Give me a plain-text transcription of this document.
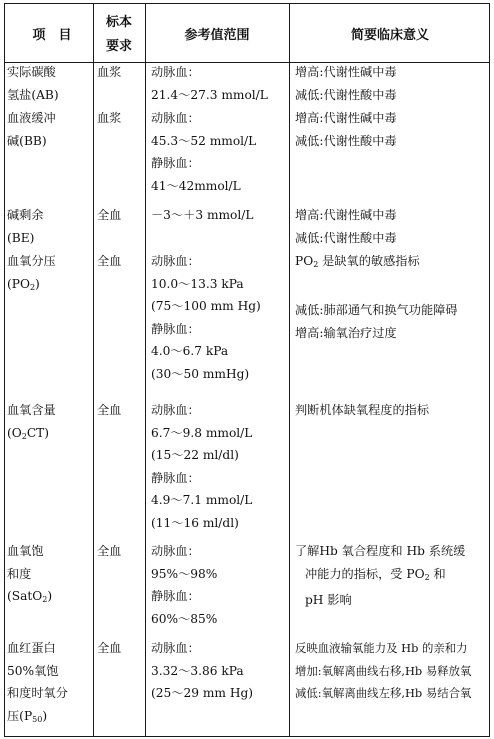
项　目
标本
要求
参考值范围	简要临床意义
实际碳酸
氢盐(AB)
血浆 动脉血：
21.4～27.3 mmol/L
增高:代谢性碱中毒
减低:代谢性酸中毒
血液缓冲
碱(BB)
血浆 动脉血：
45.3～52 mmol/L
静脉血：
41～42mmol/L
增高:代谢性碱中毒
减低:代谢性酸中毒
碱剩余
(BE)
全血 －3～＋3 mmol/L	增高:代谢性碱中毒
减低:代谢性酸中毒
血氧分压
$(PO_2)$
全血 动脉血：
10.0～13.3 kPa
(75～100 mm Hg)
静脉血：
4.0～6.7 kPa
(30～50 mmHg)
$PO_2$ 是缺氧的敏感指标
减低:肺部通气和换气功能障碍
增高:输氧治疗过度
血氧含量
$(O_2CT)$
全血 动脉血：
6.7～9.8 mmol/L
(15～22 ml/dl)
静脉血：
4.9～7.1 mmol/L
(11～16 ml/dl)
判断机体缺氧程度的指标
血氧饱
和度
(SatO$_2$)
全血 动脉血：
95%～98%
静脉血：
60%～85%
了解Hb 氧合程度和 Hb 系统缓
冲能力的指标，受 $PO_2$ 和
pH 影响
血红蛋白
50%氧饱
和度时氧分
压$(P_{50})$
全血 动脉血：
3.32～3.86 kPa
(25～29 mm Hg)
反映血液输氧能力及 Hb 的亲和力
增加:氧解离曲线右移,Hb 易释放氧
减低:氧解离曲线左移,Hb 易结合氧
